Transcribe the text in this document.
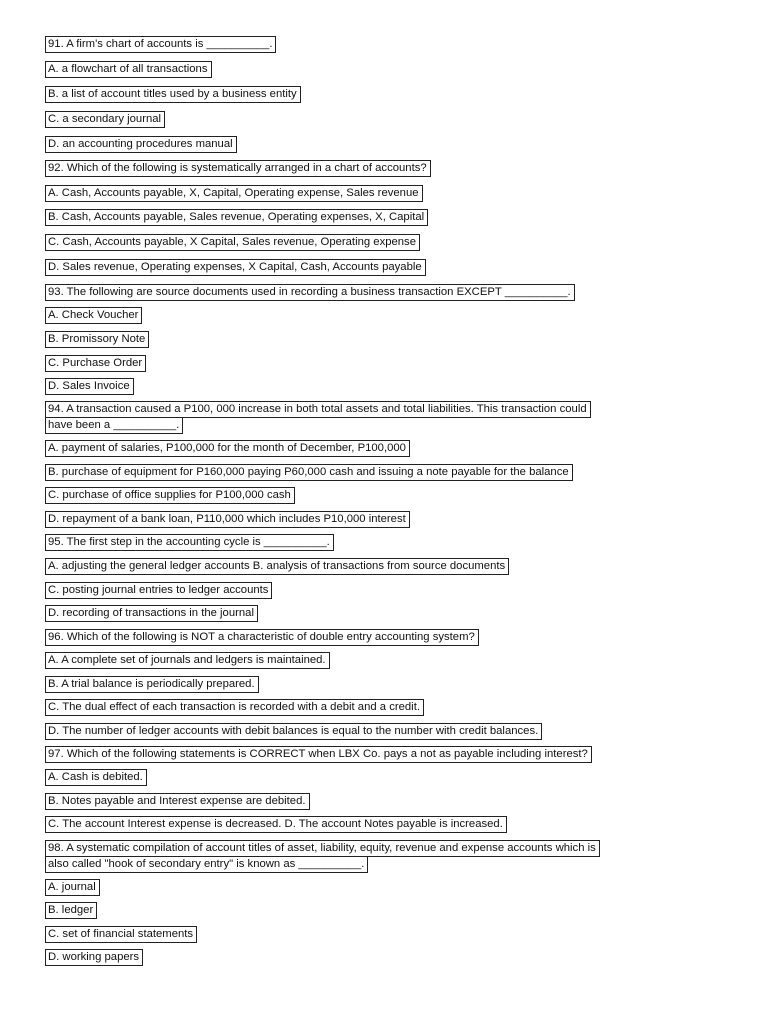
91. A firm's chart of accounts is __________.
A. a flowchart of all transactions
B. a list of account titles used by a business entity
C. a secondary journal
D. an accounting procedures manual
92. Which of the following is systematically arranged in a chart of accounts?
A. Cash, Accounts payable, X, Capital, Operating expense, Sales revenue
B. Cash, Accounts payable, Sales revenue, Operating expenses, X, Capital
C. Cash, Accounts payable, X Capital, Sales revenue, Operating expense
D. Sales revenue, Operating expenses, X Capital, Cash, Accounts payable
93. The following are source documents used in recording a business transaction EXCEPT __________.
A. Check Voucher
B. Promissory Note
C. Purchase Order
D. Sales Invoice
94. A transaction caused a P100, 000 increase in both total assets and total liabilities. This transaction could
have been a __________.
A. payment of salaries, P100,000 for the month of December, P100,000
B. purchase of equipment for P160,000 paying P60,000 cash and issuing a note payable for the balance
C. purchase of office supplies for P100,000 cash
D. repayment of a bank loan, P110,000 which includes P10,000 interest
95. The first step in the accounting cycle is __________.
A. adjusting the general ledger accounts B. analysis of transactions from source documents
C. posting journal entries to ledger accounts
D. recording of transactions in the journal
96. Which of the following is NOT a characteristic of double entry accounting system?
A. A complete set of journals and ledgers is maintained.
B. A trial balance is periodically prepared.
C. The dual effect of each transaction is recorded with a debit and a credit.
D. The number of ledger accounts with debit balances is equal to the number with credit balances.
97. Which of the following statements is CORRECT when LBX Co. pays a not as payable including interest?
A. Cash is debited.
B. Notes payable and Interest expense are debited.
C. The account Interest expense is decreased. D. The account Notes payable is increased.
98. A systematic compilation of account titles of asset, liability, equity, revenue and expense accounts which is
also called "hook of secondary entry" is known as __________.
A. journal
B. ledger
C. set of financial statements
D. working papers
